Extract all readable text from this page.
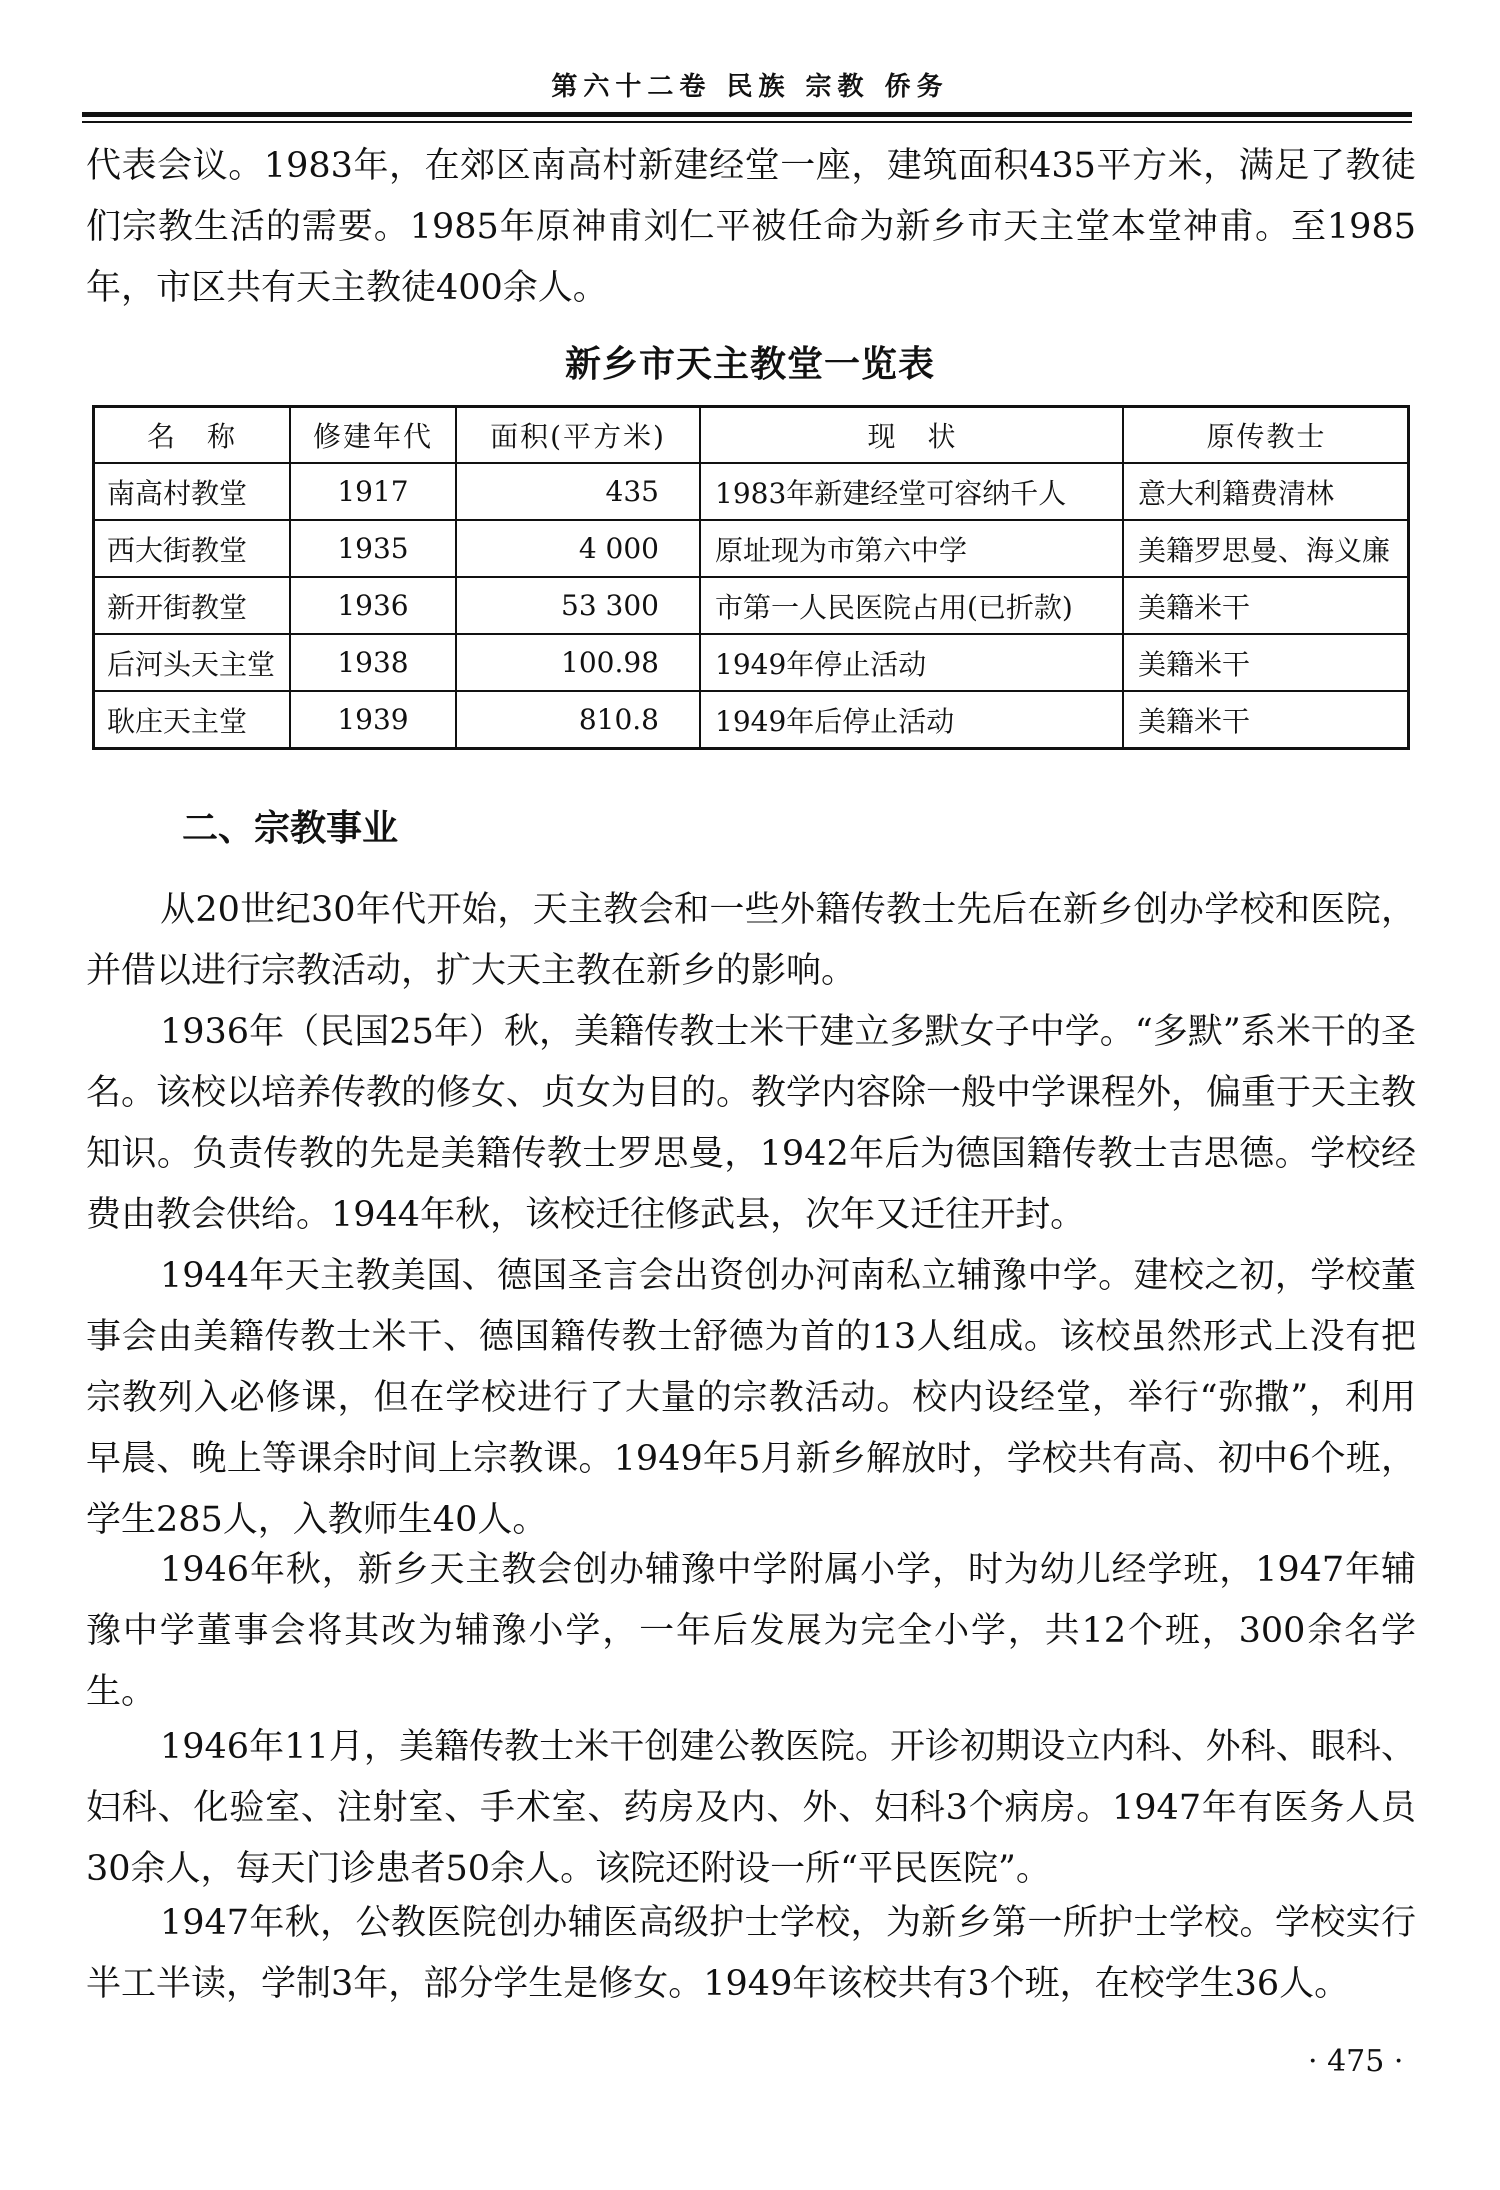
第六十二卷 民族 宗教 侨务

代表会议。1983年，在郊区南高村新建经堂一座，建筑面积435平方米，满足了教徒们宗教生活的需要。1985年原神甫刘仁平被任命为新乡市天主堂本堂神甫。至1985年，市区共有天主教徒400余人。

新乡市天主教堂一览表
名　称	修建年代	面积(平方米)	现　状	原传教士
南高村教堂	1917	435	1983年新建经堂可容纳千人	意大利籍费清林
西大街教堂	1935	4 000	原址现为市第六中学	美籍罗思曼、海义廉
新开街教堂	1936	53 300	市第一人民医院占用(已折款)	美籍米干
后河头天主堂	1938	100.98	1949年停止活动	美籍米干
耿庄天主堂	1939	810.8	1949年后停止活动	美籍米干
二、宗教事业

从20世纪30年代开始，天主教会和一些外籍传教士先后在新乡创办学校和医院，并借以进行宗教活动，扩大天主教在新乡的影响。

1936年（民国25年）秋，美籍传教士米干建立多默女子中学。“多默”系米干的圣名。该校以培养传教的修女、贞女为目的。教学内容除一般中学课程外，偏重于天主教知识。负责传教的先是美籍传教士罗思曼，1942年后为德国籍传教士吉思德。学校经费由教会供给。1944年秋，该校迁往修武县，次年又迁往开封。

1944年天主教美国、德国圣言会出资创办河南私立辅豫中学。建校之初，学校董事会由美籍传教士米干、德国籍传教士舒德为首的13人组成。该校虽然形式上没有把宗教列入必修课，但在学校进行了大量的宗教活动。校内设经堂，举行“弥撒”，利用早晨、晚上等课余时间上宗教课。1949年5月新乡解放时，学校共有高、初中6个班，学生285人，入教师生40人。

1946年秋，新乡天主教会创办辅豫中学附属小学，时为幼儿经学班，1947年辅豫中学董事会将其改为辅豫小学，一年后发展为完全小学，共12个班，300余名学生。

1946年11月，美籍传教士米干创建公教医院。开诊初期设立内科、外科、眼科、妇科、化验室、注射室、手术室、药房及内、外、妇科3个病房。1947年有医务人员30余人，每天门诊患者50余人。该院还附设一所“平民医院”。

1947年秋，公教医院创办辅医高级护士学校，为新乡第一所护士学校。学校实行半工半读，学制3年，部分学生是修女。1949年该校共有3个班，在校学生36人。

· 475 ·
